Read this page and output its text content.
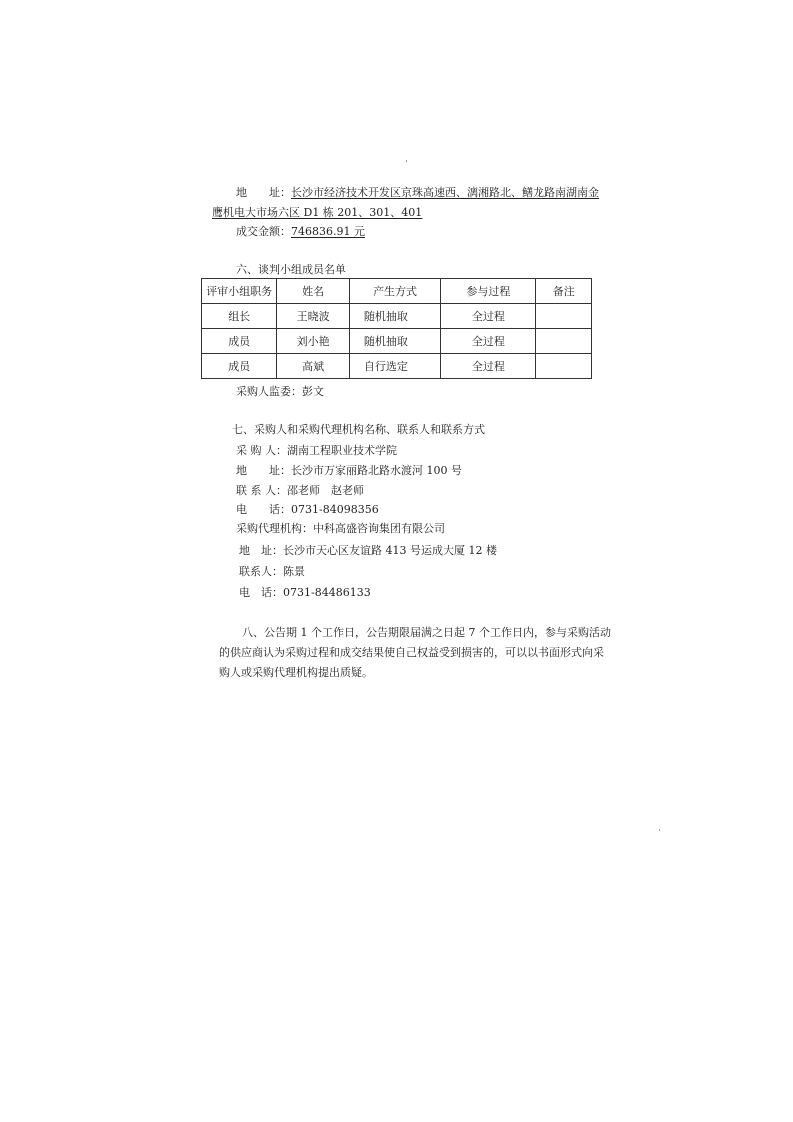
地　　址：长沙市经济技术开发区京珠高速西、漓湘路北、鳝龙路南湖南金
鹰机电大市场六区 D1 栋 201、301、401
成交金额：746836.91 元
六、谈判小组成员名单
评审小组职务	姓名	产生方式	参与过程	备注
组长	王晓波	随机抽取	全过程	
成员	刘小艳	随机抽取	全过程	
成员	高斌	自行选定	全过程	
采购人监委：彭文
七、采购人和采购代理机构名称、联系人和联系方式
采 购 人：湖南工程职业技术学院
地　　址：长沙市万家丽路北路水渡河 100 号
联 系 人：邵老师　赵老师
电　　话：0731-84098356
采购代理机构：中科高盛咨询集团有限公司
地　址：长沙市天心区友谊路 413 号运成大厦 12 楼
联系人：陈景
电　话：0731-84486133
八、公告期 1 个工作日，公告期限届满之日起 7 个工作日内，参与采购活动
的供应商认为采购过程和成交结果使自己权益受到损害的，可以以书面形式向采
购人或采购代理机构提出质疑。
